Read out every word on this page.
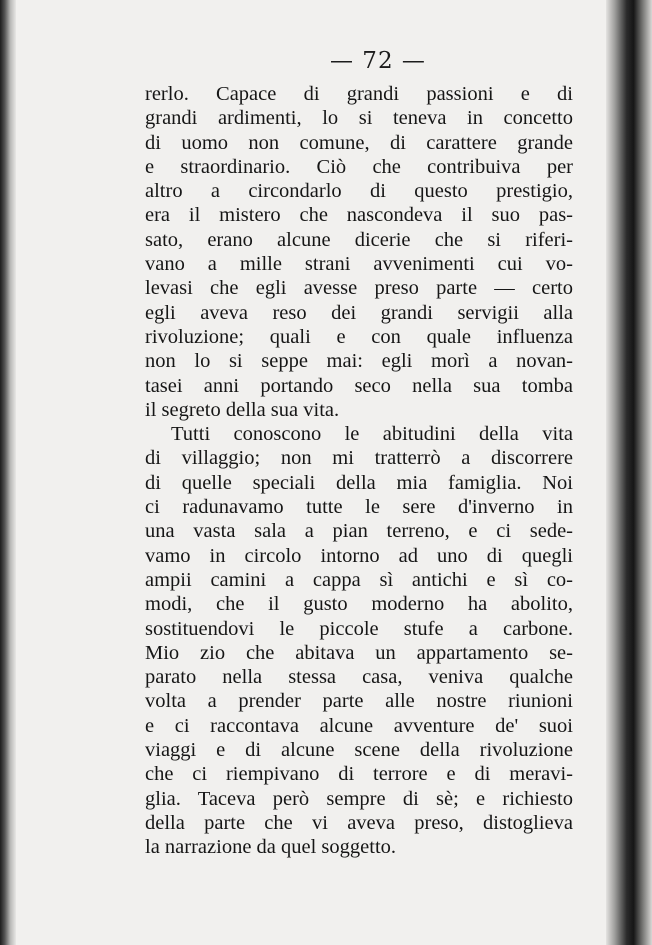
— 72 —
rerlo. Capace di grandi passioni e di
grandi ardimenti, lo si teneva in concetto
di uomo non comune, di carattere grande
e straordinario. Ciò che contribuiva per
altro a circondarlo di questo prestigio,
era il mistero che nascondeva il suo pas-
sato, erano alcune dicerie che si riferi-
vano a mille strani avvenimenti cui vo-
levasi che egli avesse preso parte — certo
egli aveva reso dei grandi servigii alla
rivoluzione; quali e con quale influenza
non lo si seppe mai: egli morì a novan-
tasei anni portando seco nella sua tomba
il segreto della sua vita.
Tutti conoscono le abitudini della vita
di villaggio; non mi tratterrò a discorrere
di quelle speciali della mia famiglia. Noi
ci radunavamo tutte le sere d'inverno in
una vasta sala a pian terreno, e ci sede-
vamo in circolo intorno ad uno di quegli
ampii camini a cappa sì antichi e sì co-
modi, che il gusto moderno ha abolito,
sostituendovi le piccole stufe a carbone.
Mio zio che abitava un appartamento se-
parato nella stessa casa, veniva qualche
volta a prender parte alle nostre riunioni
e ci raccontava alcune avventure de' suoi
viaggi e di alcune scene della rivoluzione
che ci riempivano di terrore e di meravi-
glia. Taceva però sempre di sè; e richiesto
della parte che vi aveva preso, distoglieva
la narrazione da quel soggetto.
